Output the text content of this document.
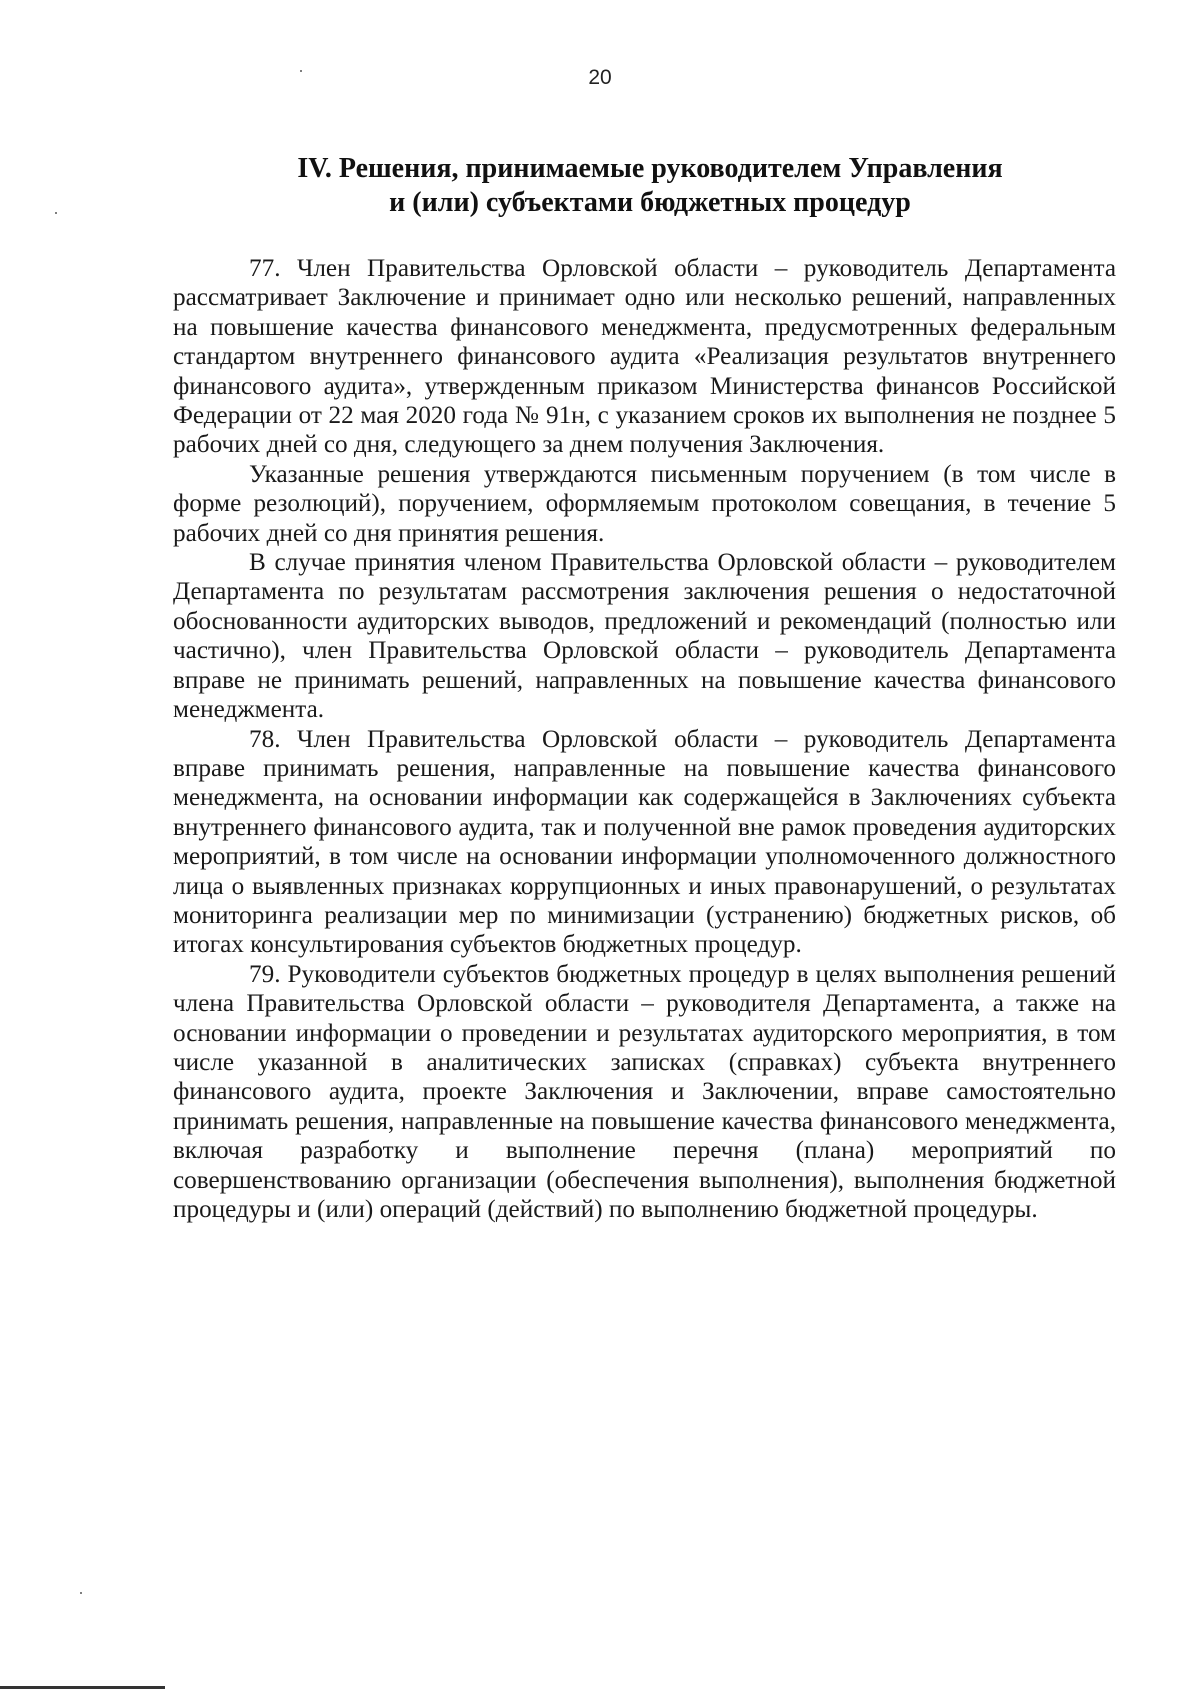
20
IV. Решения, принимаемые руководителем Управления
и (или) субъектами бюджетных процедур

77. Член Правительства Орловской области – руководитель Департамента рассматривает Заключение и принимает одно или несколько решений, направленных на повышение качества финансового менеджмента, предусмотренных федеральным стандартом внутреннего финансового аудита «Реализация результатов внутреннего финансового аудита», утвержденным приказом Министерства финансов Российской Федерации от 22 мая 2020 года № 91н, с указанием сроков их выполнения не позднее 5 рабочих дней со дня, следующего за днем получения Заключения.

Указанные решения утверждаются письменным поручением (в том числе в форме резолюций), поручением, оформляемым протоколом совещания, в течение 5 рабочих дней со дня принятия решения.

В случае принятия членом Правительства Орловской области – руководителем Департамента по результатам рассмотрения заключения решения о недостаточной обоснованности аудиторских выводов, предложений и рекомендаций (полностью или частично), член Правительства Орловской области – руководитель Департамента вправе не принимать решений, направленных на повышение качества финансового менеджмента.

78. Член Правительства Орловской области – руководитель Департамента вправе принимать решения, направленные на повышение качества финансового менеджмента, на основании информации как содержащейся в Заключениях субъекта внутреннего финансового аудита, так и полученной вне рамок проведения аудиторских мероприятий, в том числе на основании информации уполномоченного должностного лица о выявленных признаках коррупционных и иных правонарушений, о результатах мониторинга реализации мер по минимизации (устранению) бюджетных рисков, об итогах консультирования субъектов бюджетных процедур.

79. Руководители субъектов бюджетных процедур в целях выполнения решений члена Правительства Орловской области – руководителя Департамента, а также на основании информации о проведении и результатах аудиторского мероприятия, в том числе указанной в аналитических записках (справках) субъекта внутреннего финансового аудита, проекте Заключения и Заключении, вправе самостоятельно принимать решения, направленные на повышение качества финансового менеджмента, включая разработку и выполнение перечня (плана) мероприятий по совершенствованию организации (обеспечения выполнения), выполнения бюджетной процедуры и (или) операций (действий) по выполнению бюджетной процедуры.
